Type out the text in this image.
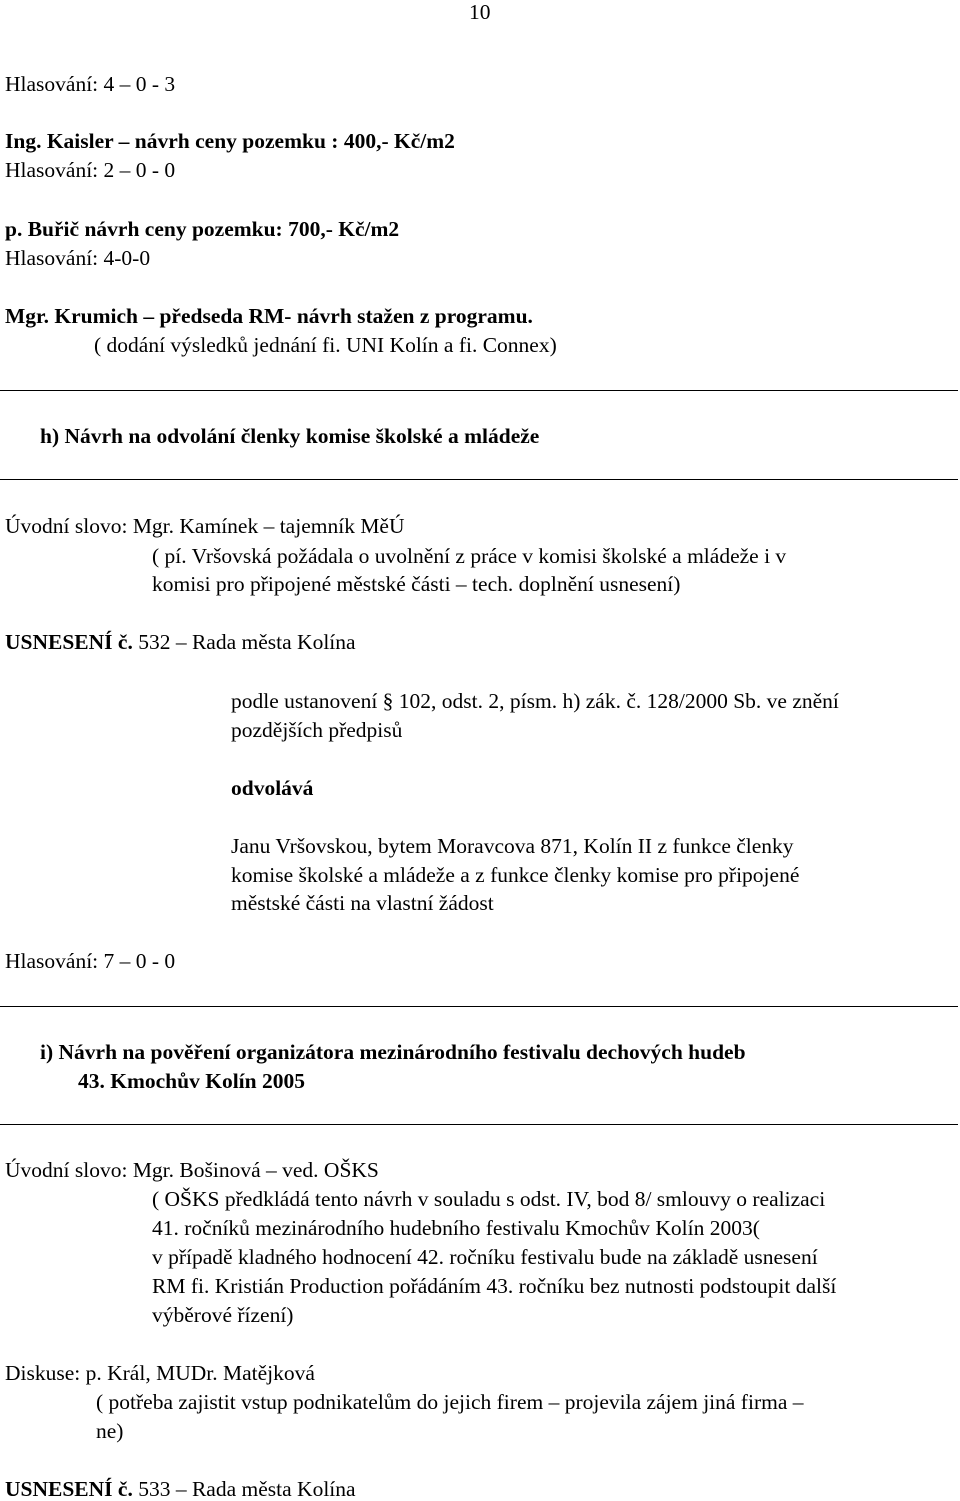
10
Hlasování: 4 – 0 - 3
Ing. Kaisler – návrh ceny pozemku : 400,- Kč/m2
Hlasování: 2 – 0 - 0
p. Buřič návrh ceny pozemku: 700,- Kč/m2
Hlasování: 4-0-0
Mgr. Krumich – předseda RM- návrh stažen z programu.
( dodání výsledků jednání fi. UNI Kolín a fi. Connex)
h) Návrh na odvolání členky komise školské a mládeže
Úvodní slovo: Mgr. Kamínek – tajemník MěÚ
( pí. Vršovská požádala o uvolnění z práce v komisi školské a mládeže i v
komisi pro připojené městské části – tech. doplnění usnesení)
USNESENÍ č. 532 – Rada města Kolína
podle ustanovení § 102, odst. 2, písm. h) zák. č. 128/2000 Sb. ve znění
pozdějších předpisů
odvolává
Janu Vršovskou, bytem Moravcova 871, Kolín II z funkce členky
komise školské a mládeže a z funkce členky komise pro připojené
městské části na vlastní žádost
Hlasování: 7 – 0 - 0
i) Návrh na pověření organizátora mezinárodního festivalu dechových hudeb
43. Kmochův Kolín 2005
Úvodní slovo: Mgr. Bošinová – ved. OŠKS
( OŠKS předkládá tento návrh v souladu s odst. IV, bod 8/ smlouvy o realizaci
41. ročníků mezinárodního hudebního festivalu Kmochův Kolín 2003(
v případě kladného hodnocení 42. ročníku festivalu bude na základě usnesení
RM fi. Kristián Production pořádáním 43. ročníku bez nutnosti podstoupit další
výběrové řízení)
Diskuse: p. Král, MUDr. Matějková
( potřeba zajistit vstup podnikatelům do jejich firem – projevila zájem jiná firma –
ne)
USNESENÍ č. 533 – Rada města Kolína
